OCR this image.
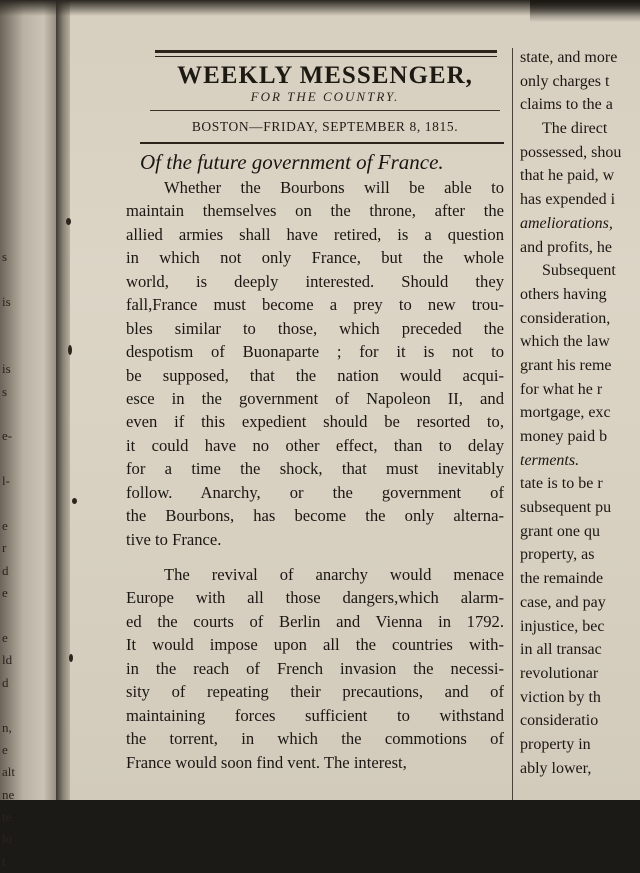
s
is
is
s
e-
l-
e
r
d
e
e
ld
d
n,
e
alt
ne
te
lo
t
WEEKLY MESSENGER,
FOR THE COUNTRY.
BOSTON—FRIDAY, SEPTEMBER 8, 1815.
Of the future government of France.
Whether the Bourbons will be able to
maintain themselves on the throne, after the
allied armies shall have retired, is a question
in which not only France, but the whole
world, is deeply interested. Should they
fall,France must become a prey to new trou-
bles similar to those, which preceded the
despotism of Buonaparte ; for it is not to
be supposed, that the nation would acqui-
esce in the government of Napoleon II, and
even if this expedient should be resorted to,
it could have no other effect, than to delay
for a time the shock, that must inevitably
follow. Anarchy, or the government of
the Bourbons, has become the only alterna-
tive to France.
The revival of anarchy would menace
Europe with all those dangers,which alarm-
ed the courts of Berlin and Vienna in 1792.
It would impose upon all the countries with-
in the reach of French invasion the necessi-
sity of repeating their precautions, and of
maintaining forces sufficient to withstand
the torrent, in which the commotions of
France would soon find vent. The interest,
state, and more
only charges t
claims to the a
The direct
possessed, shou
that he paid, w
has expended i
ameliorations,
and profits, he
Subsequent
others having
consideration,
which the law
grant his reme
for what he r
mortgage, exc
money paid b
terments.
tate is to be r
subsequent pu
grant one qu
property, as
the remainde
case, and pay
injustice, bec
in all transac
revolutionar
viction by th
consideratio
property in
ably lower,
